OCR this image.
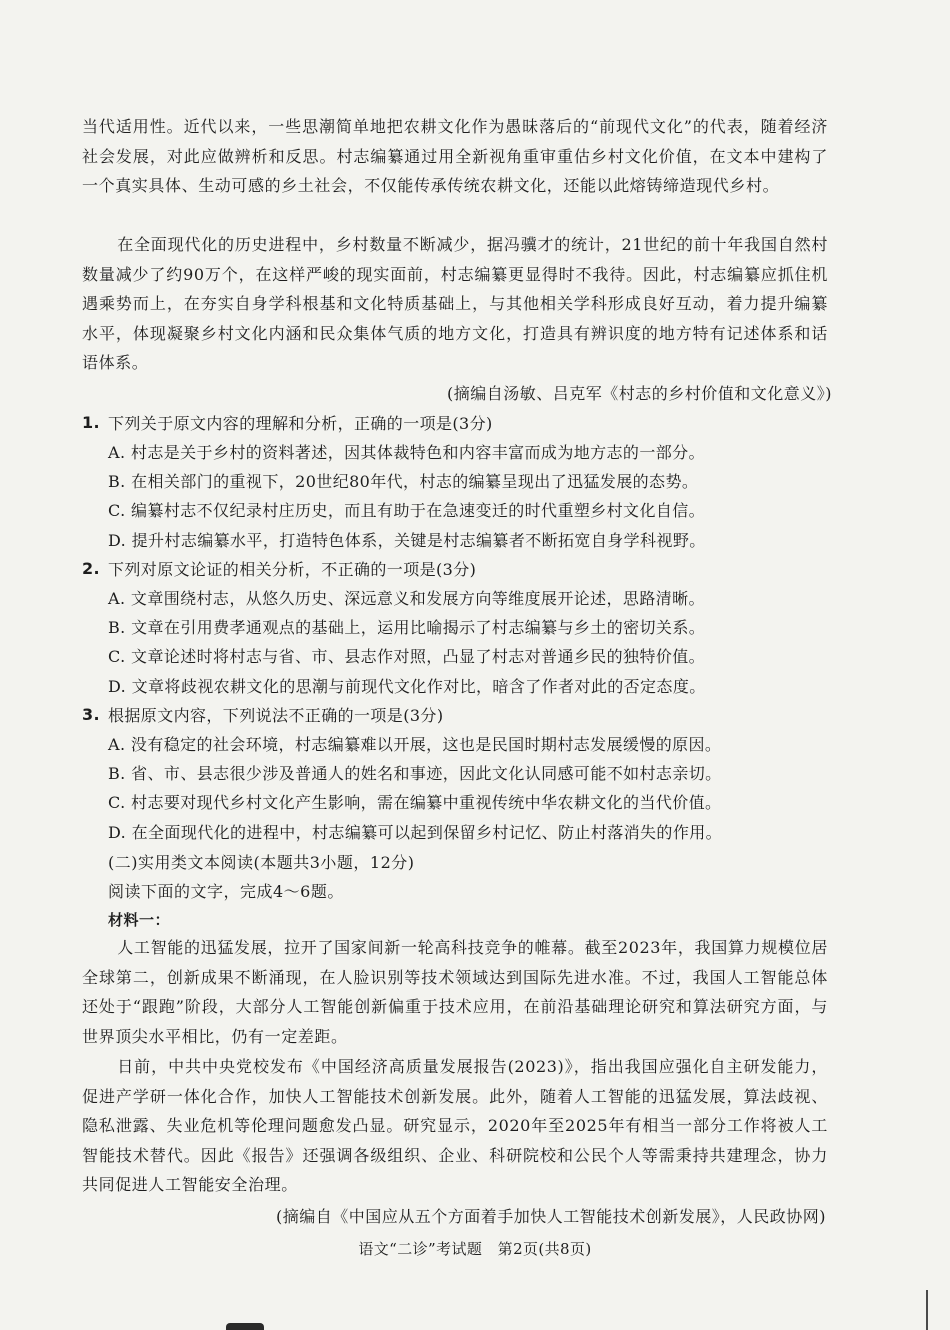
当代适用性。近代以来，一些思潮简单地把农耕文化作为愚昧落后的“前现代文化”的代表，随着经济社会发展，对此应做辨析和反思。村志编纂通过用全新视角重审重估乡村文化价值，在文本中建构了一个真实具体、生动可感的乡土社会，不仅能传承传统农耕文化，还能以此熔铸缔造现代乡村。
在全面现代化的历史进程中，乡村数量不断减少，据冯骥才的统计，21世纪的前十年我国自然村数量减少了约90万个，在这样严峻的现实面前，村志编纂更显得时不我待。因此，村志编纂应抓住机遇乘势而上，在夯实自身学科根基和文化特质基础上，与其他相关学科形成良好互动，着力提升编纂水平，体现凝聚乡村文化内涵和民众集体气质的地方文化，打造具有辨识度的地方特有记述体系和话语体系。
(摘编自汤敏、吕克军《村志的乡村价值和文化意义》)
1. 下列关于原文内容的理解和分析，正确的一项是(3分)
A. 村志是关于乡村的资料著述，因其体裁特色和内容丰富而成为地方志的一部分。
B. 在相关部门的重视下，20世纪80年代，村志的编纂呈现出了迅猛发展的态势。
C. 编纂村志不仅纪录村庄历史，而且有助于在急速变迁的时代重塑乡村文化自信。
D. 提升村志编纂水平，打造特色体系，关键是村志编纂者不断拓宽自身学科视野。
2. 下列对原文论证的相关分析，不正确的一项是(3分)
A. 文章围绕村志，从悠久历史、深远意义和发展方向等维度展开论述，思路清晰。
B. 文章在引用费孝通观点的基础上，运用比喻揭示了村志编纂与乡土的密切关系。
C. 文章论述时将村志与省、市、县志作对照，凸显了村志对普通乡民的独特价值。
D. 文章将歧视农耕文化的思潮与前现代文化作对比，暗含了作者对此的否定态度。
3. 根据原文内容，下列说法不正确的一项是(3分)
A. 没有稳定的社会环境，村志编纂难以开展，这也是民国时期村志发展缓慢的原因。
B. 省、市、县志很少涉及普通人的姓名和事迹，因此文化认同感可能不如村志亲切。
C. 村志要对现代乡村文化产生影响，需在编纂中重视传统中华农耕文化的当代价值。
D. 在全面现代化的进程中，村志编纂可以起到保留乡村记忆、防止村落消失的作用。
(二)实用类文本阅读(本题共3小题，12分)
阅读下面的文字，完成4～6题。
材料一：
人工智能的迅猛发展，拉开了国家间新一轮高科技竞争的帷幕。截至2023年，我国算力规模位居全球第二，创新成果不断涌现，在人脸识别等技术领域达到国际先进水准。不过，我国人工智能总体还处于“跟跑”阶段，大部分人工智能创新偏重于技术应用，在前沿基础理论研究和算法研究方面，与世界顶尖水平相比，仍有一定差距。
日前，中共中央党校发布《中国经济高质量发展报告(2023)》，指出我国应强化自主研发能力，促进产学研一体化合作，加快人工智能技术创新发展。此外，随着人工智能的迅猛发展，算法歧视、隐私泄露、失业危机等伦理问题愈发凸显。研究显示，2020年至2025年有相当一部分工作将被人工智能技术替代。因此《报告》还强调各级组织、企业、科研院校和公民个人等需秉持共建理念，协力共同促进人工智能安全治理。
(摘编自《中国应从五个方面着手加快人工智能技术创新发展》，人民政协网)
语文“二诊”考试题　第2页(共8页)
